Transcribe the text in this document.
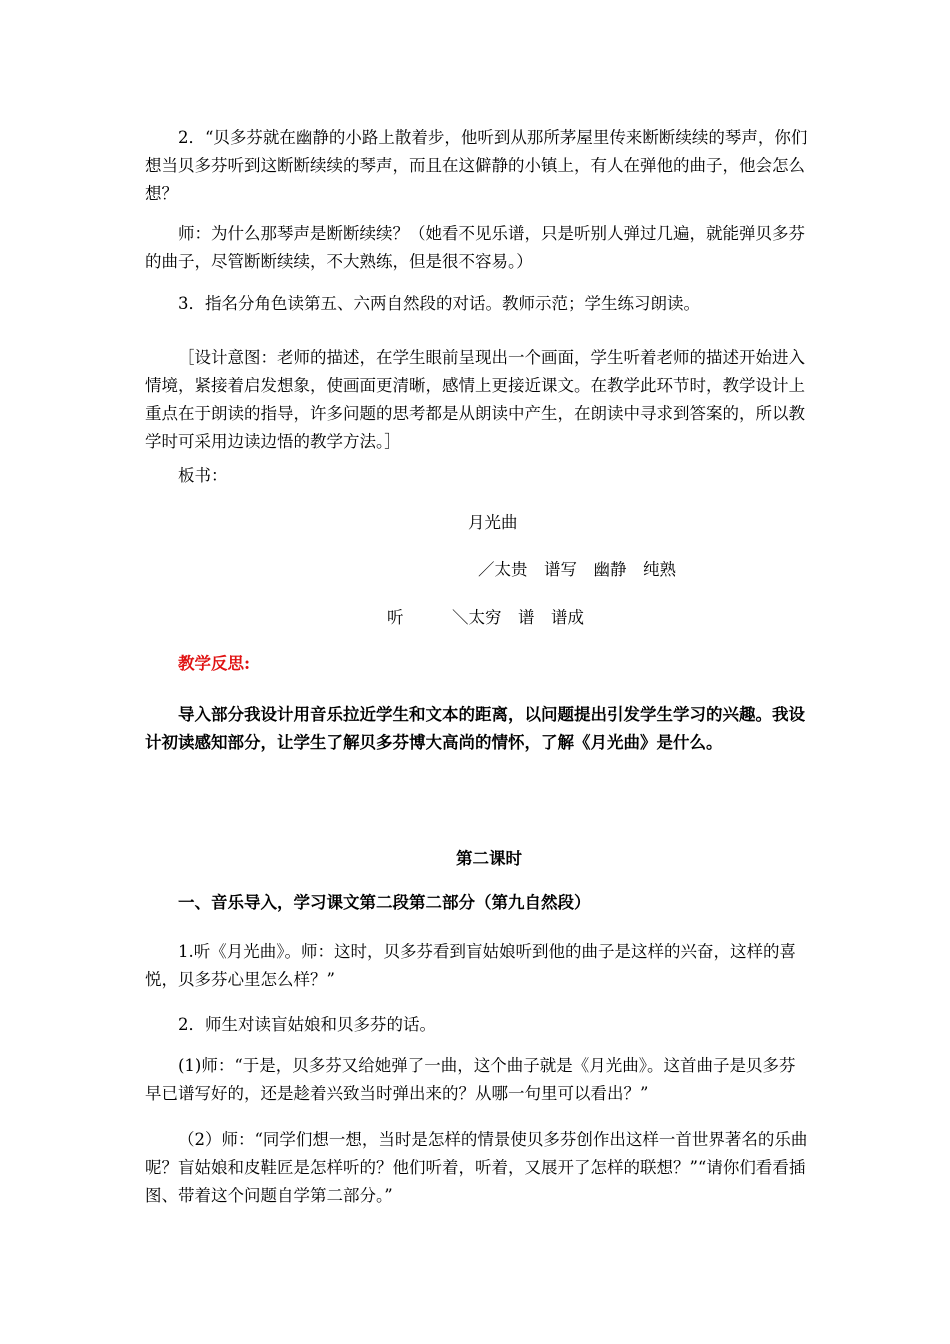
2．“贝多芬就在幽静的小路上散着步，他听到从那所茅屋里传来断断续续的琴声，你们想当贝多芬听到这断断续续的琴声，而且在这僻静的小镇上，有人在弹他的曲子，他会怎么想？
师：为什么那琴声是断断续续？（她看不见乐谱，只是听别人弹过几遍，就能弹贝多芬的曲子，尽管断断续续，不大熟练，但是很不容易。）
3．指名分角色读第五、六两自然段的对话。教师示范；学生练习朗读。
［设计意图：老师的描述，在学生眼前呈现出一个画面，学生听着老师的描述开始进入情境，紧接着启发想象，使画面更清晰，感情上更接近课文。在教学此环节时，教学设计上重点在于朗读的指导，许多问题的思考都是从朗读中产生，在朗读中寻求到答案的，所以教学时可采用边读边悟的教学方法。］
板书：
月光曲
／太贵　谱写　幽静　纯熟
听	＼太穷　谱　谱成
教学反思:
导入部分我设计用音乐拉近学生和文本的距离，以问题提出引发学生学习的兴趣。我设计初读感知部分，让学生了解贝多芬博大高尚的情怀，了解《月光曲》是什么。
第二课时
一、音乐导入，学习课文第二段第二部分（第九自然段）
1.听《月光曲》。师：这时，贝多芬看到盲姑娘听到他的曲子是这样的兴奋，这样的喜悦，贝多芬心里怎么样？”
2．师生对读盲姑娘和贝多芬的话。
(1)师：“于是，贝多芬又给她弹了一曲，这个曲子就是《月光曲》。这首曲子是贝多芬早已谱写好的，还是趁着兴致当时弹出来的？从哪一句里可以看出？”
（2）师：“同学们想一想，当时是怎样的情景使贝多芬创作出这样一首世界著名的乐曲呢？盲姑娘和皮鞋匠是怎样听的？他们听着，听着，又展开了怎样的联想？”“请你们看看插图、带着这个问题自学第二部分。”
